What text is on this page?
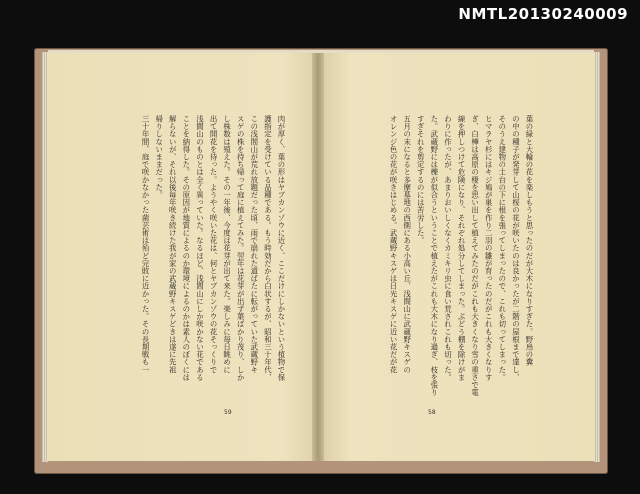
NMTL20130240009
肉が厚く、葉の形はヤブカンゾウに近く、ここだけにしかないという植物で保
護指定を受けている品種である。もう時効だから白状するが、昭和三十年代、
この浅間山が荒れ放題だった頃、雨で崩れた道ばたに転がっていた武蔵野キ
スゲの株を持ち帰って庭に植えてみた。翌年は花芽が出ず葉ばかり茂り、しか
し株数は殖えた。その一年後、今度は花芽が出て来た。楽しみに毎日眺めに
出て開花を待った。ようやく咲いた花は、何とヤブカンゾウの花そっくりで
浅間山のものとは全く異っていた。なるほど、浅間山にしか咲かない花である
ことを納得した。その原因が地質によるのか環境によるのかは素人のぼくには
解らないが、それ以後毎年咲き続けた我が家の武蔵野キスゲどきは遂に先祖
帰りしないままだった。
三十年間、庭で咲かなかった菌芸術は殆ど完敗に近かった。その長期戦も一
59
葉の緑と大輪の花を楽しもうと思ったのだが大木になりすぎた。野鳥の糞
の中の種子が発芽して山桜の花が咲いたのは良かったが二階の屋根まで達し、
そのうえ建物の土台の下に根を張ってしまったので、これも切ってしまった。
ヒマラヤ杉にはキジ鳩が巣を作り二羽の雛が育ったのだがこれも大きくなりす
ぎ、白樺は高原の棲を思い出して植えてみたのだがこれも大きくなり雪の重さで電
線を押しつけて危険になり、それぞれ処分してしまった。ぶどう棚を除けがま
わりに作ったが、あまりおいしくなくカミキリ虫に食い荒されこれも切った。
た。武蔵野には櫟が似合うということで植えたがこれも大木になり過ぎ、枝を張り
すぎそれを剪定するのには苦労した。
五月の末になると多摩墓地の西側にある小高い丘、浅間山に武蔵野キスゲの
オレンジ色の花が咲きはじめる。武蔵野キスゲは日光キスゲに近い花だが花
58
